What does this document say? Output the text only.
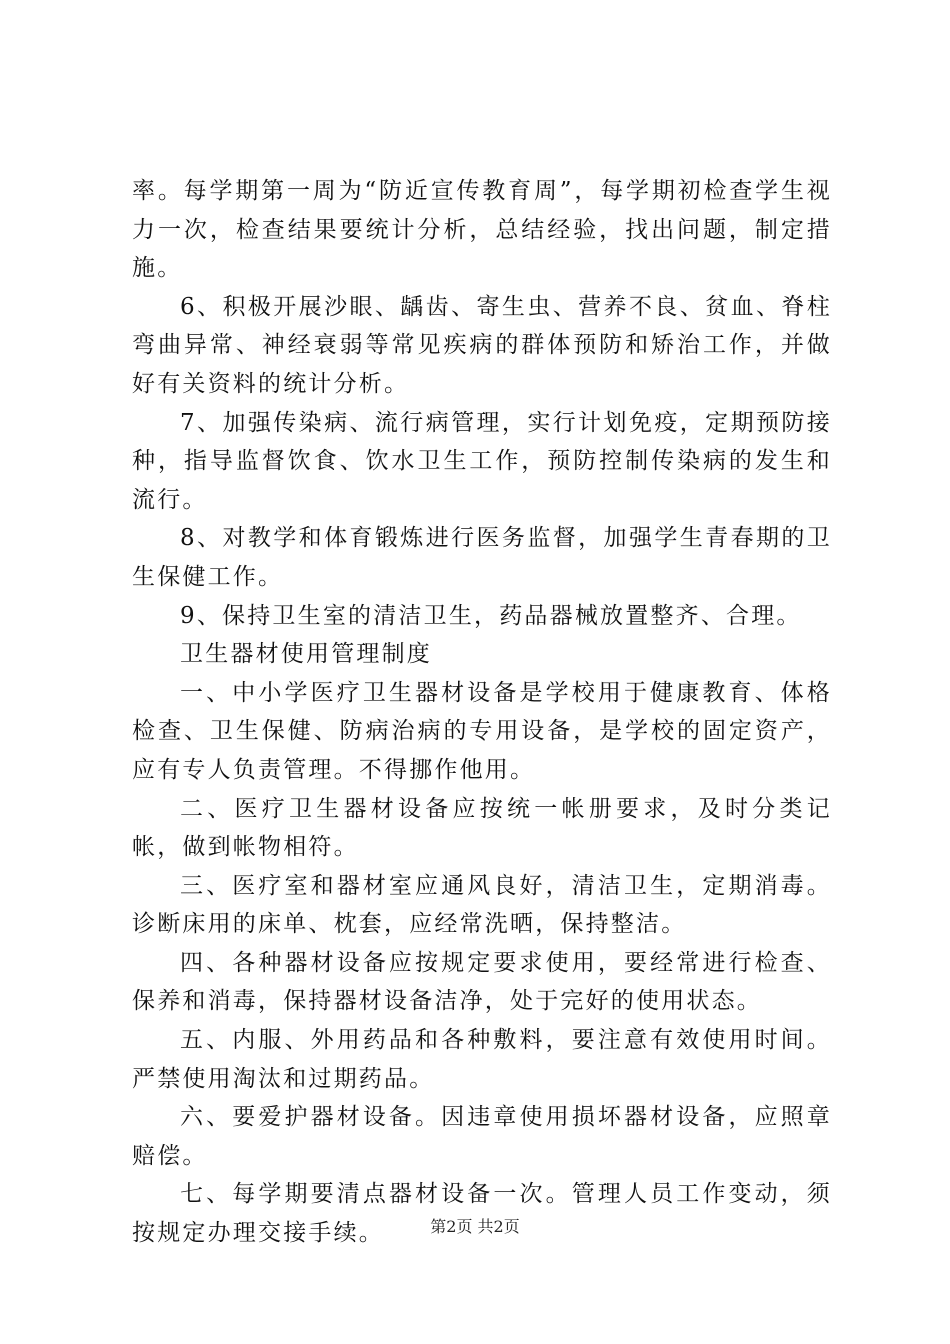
率。每学期第一周为“防近宣传教育周”，每学期初检查学生视力一次，检查结果要统计分析，总结经验，找出问题，制定措施。

6、积极开展沙眼、龋齿、寄生虫、营养不良、贫血、脊柱弯曲异常、神经衰弱等常见疾病的群体预防和矫治工作，并做好有关资料的统计分析。

7、加强传染病、流行病管理，实行计划免疫，定期预防接种，指导监督饮食、饮水卫生工作，预防控制传染病的发生和流行。

8、对教学和体育锻炼进行医务监督，加强学生青春期的卫生保健工作。

9、保持卫生室的清洁卫生，药品器械放置整齐、合理。

卫生器材使用管理制度

一、中小学医疗卫生器材设备是学校用于健康教育、体格检查、卫生保健、防病治病的专用设备，是学校的固定资产，应有专人负责管理。不得挪作他用。

二、医疗卫生器材设备应按统一帐册要求，及时分类记帐，做到帐物相符。

三、医疗室和器材室应通风良好，清洁卫生，定期消毒。诊断床用的床单、枕套，应经常洗晒，保持整洁。

四、各种器材设备应按规定要求使用，要经常进行检查、保养和消毒，保持器材设备洁净，处于完好的使用状态。

五、内服、外用药品和各种敷料，要注意有效使用时间。严禁使用淘汰和过期药品。

六、要爱护器材设备。因违章使用损坏器材设备，应照章赔偿。

七、每学期要清点器材设备一次。管理人员工作变动，须按规定办理交接手续。	第2页 共2页
